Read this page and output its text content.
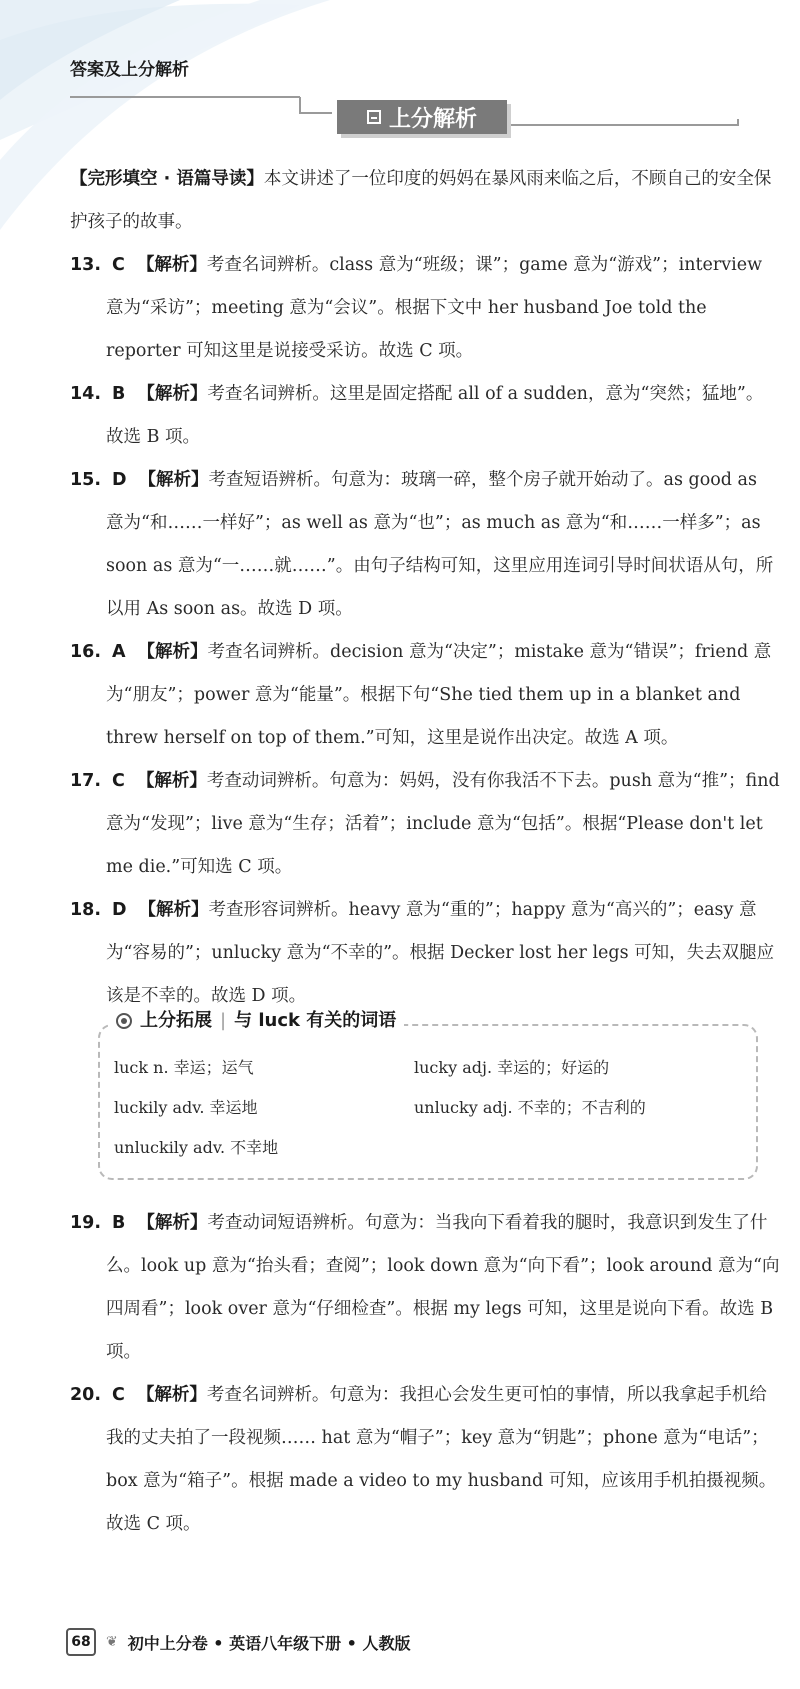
答案及上分解析
上分解析
【完形填空 · 语篇导读】本文讲述了一位印度的妈妈在暴风雨来临之后，不顾自己的安全保护孩子的故事。
13. C 【解析】考查名词辨析。class 意为“班级；课”；game 意为“游戏”；interview 意为“采访”；meeting 意为“会议”。根据下文中 her husband Joe told the reporter 可知这里是说接受采访。故选 C 项。
14. B 【解析】考查名词辨析。这里是固定搭配 all of a sudden，意为“突然；猛地”。故选 B 项。
15. D 【解析】考查短语辨析。句意为：玻璃一碎，整个房子就开始动了。as good as 意为“和……一样好”；as well as 意为“也”；as much as 意为“和……一样多”；as soon as 意为“一……就……”。由句子结构可知，这里应用连词引导时间状语从句，所以用 As soon as。故选 D 项。
16. A 【解析】考查名词辨析。decision 意为“决定”；mistake 意为“错误”；friend 意为“朋友”；power 意为“能量”。根据下句“She tied them up in a blanket and threw herself on top of them.”可知，这里是说作出决定。故选 A 项。
17. C 【解析】考查动词辨析。句意为：妈妈，没有你我活不下去。push 意为“推”；find 意为“发现”；live 意为“生存；活着”；include 意为“包括”。根据“Please don't let me die.”可知选 C 项。
18. D 【解析】考查形容词辨析。heavy 意为“重的”；happy 意为“高兴的”；easy 意为“容易的”；unlucky 意为“不幸的”。根据 Decker lost her legs 可知，失去双腿应该是不幸的。故选 D 项。
上分拓展 | 与 luck 有关的词语
luck n. 幸运；运气	lucky adj. 幸运的；好运的
luckily adv. 幸运地	unlucky adj. 不幸的；不吉利的
unluckily adv. 不幸地
19. B 【解析】考查动词短语辨析。句意为：当我向下看着我的腿时，我意识到发生了什么。look up 意为“抬头看；查阅”；look down 意为“向下看”；look around 意为“向四周看”；look over 意为“仔细检查”。根据 my legs 可知，这里是说向下看。故选 B 项。
20. C 【解析】考查名词辨析。句意为：我担心会发生更可怕的事情，所以我拿起手机给我的丈夫拍了一段视频…… hat 意为“帽子”；key 意为“钥匙”；phone 意为“电话”；box 意为“箱子”。根据 made a video to my husband 可知，应该用手机拍摄视频。故选 C 项。
68	❦ 初中上分卷 • 英语八年级下册 • 人教版
